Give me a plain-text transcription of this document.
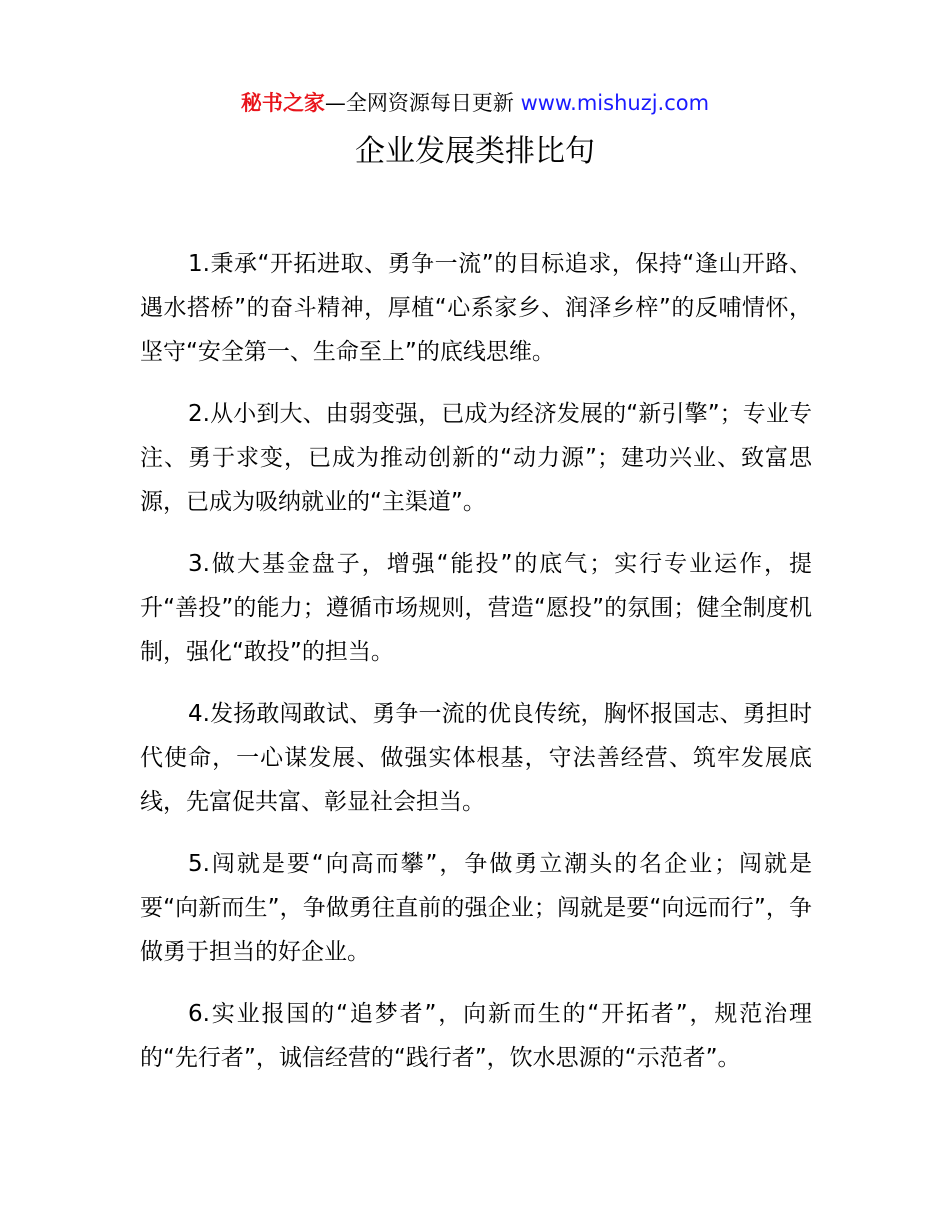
秘书之家—全网资源每日更新 www.mishuzj.com
企业发展类排比句

1.秉承“开拓进取、勇争一流”的目标追求，保持“逢山开路、遇水搭桥”的奋斗精神，厚植“心系家乡、润泽乡梓”的反哺情怀，坚守“安全第一、生命至上”的底线思维。

2.从小到大、由弱变强，已成为经济发展的“新引擎”；专业专注、勇于求变，已成为推动创新的“动力源”；建功兴业、致富思源，已成为吸纳就业的“主渠道”。

3.做大基金盘子，增强“能投”的底气；实行专业运作，提升“善投”的能力；遵循市场规则，营造“愿投”的氛围；健全制度机制，强化“敢投”的担当。

4.发扬敢闯敢试、勇争一流的优良传统，胸怀报国志、勇担时代使命，一心谋发展、做强实体根基，守法善经营、筑牢发展底线，先富促共富、彰显社会担当。

5.闯就是要“向高而攀”，争做勇立潮头的名企业；闯就是要“向新而生”，争做勇往直前的强企业；闯就是要“向远而行”，争做勇于担当的好企业。

6.实业报国的“追梦者”，向新而生的“开拓者”，规范治理的“先行者”，诚信经营的“践行者”，饮水思源的“示范者”。
